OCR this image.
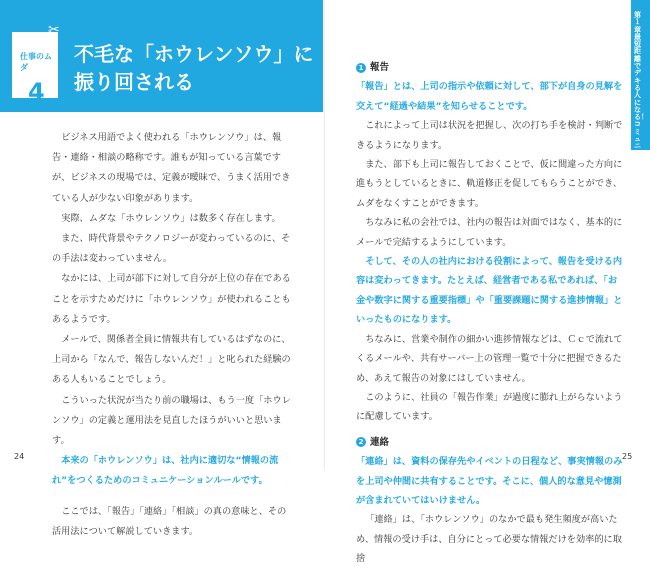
仕事のムダ
4
✂
不毛な「ホウレンソウ」に
振り回される

ビジネス用語でよく使われる「ホウレンソウ」は、報告・連絡・相談の略称です。誰もが知っている言葉ですが、ビジネスの現場では、定義が曖昧で、うまく活用できている人が少ない印象があります。

実際、ムダな「ホウレンソウ」は数多く存在します。

また、時代背景やテクノロジーが変わっているのに、その手法は変わっていません。

なかには、上司が部下に対して自分が上位の存在であることを示すためだけに「ホウレンソウ」が使われることもあるようです。

メールで、関係者全員に情報共有しているはずなのに、上司から「なんで、報告しないんだ！」と叱られた経験のある人もいることでしょう。

こういった状況が当たり前の職場は、もう一度「ホウレンソウ」の定義と運用法を見直したほうがいいと思います。

本来の「ホウレンソウ」は、社内に適切な“情報の流れ”をつくるためのコミュニケーションルールです。

ここでは、「報告」「連絡」「相談」の真の意味と、その活用法について解説していきます。

24
第１章 最短距離でデキる人になる！ コミュニケーション編
1 報告

「報告」とは、上司の指示や依頼に対して、部下が自身の見解を交えて“経過や結果”を知らせることです。

これによって上司は状況を把握し、次の打ち手を検討・判断できるようになります。

また、部下も上司に報告しておくことで、仮に間違った方向に進もうとしているときに、軌道修正を促してもらうことができ、ムダをなくすことができます。

ちなみに私の会社では、社内の報告は対面ではなく、基本的にメールで完結するようにしています。

そして、その人の社内における役割によって、報告を受ける内容は変わってきます。たとえば、経営者である私であれば、「お金や数字に関する重要指標」や「重要課題に関する進捗情報」といったものになります。

ちなみに、営業や制作の細かい進捗情報などは、Ｃｃで流れてくるメールや、共有サーバー上の管理一覧で十分に把握できるため、あえて報告の対象にはしていません。

このように、社員の「報告作業」が過度に膨れ上がらないように配慮しています。

2 連絡

「連絡」は、資料の保存先やイベントの日程など、事実情報のみを上司や仲間に共有することです。そこに、個人的な意見や憶測が含まれていてはいけません。

「連絡」は、「ホウレンソウ」のなかで最も発生頻度が高いため、情報の受け手は、自分にとって必要な情報だけを効率的に取捨

25
